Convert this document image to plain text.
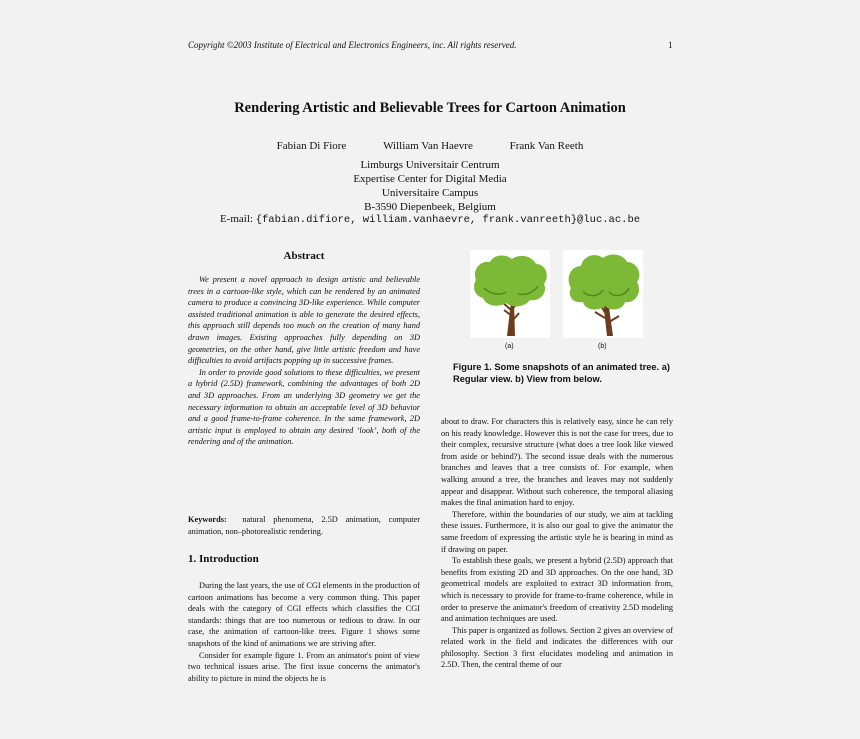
Copyright ©2003 Institute of Electrical and Electronics Engineers, inc. All rights reserved.	1
Rendering Artistic and Believable Trees for Cartoon Animation
Fabian Di Fiore	William Van Haevre	Frank Van Reeth
Limburgs Universitair Centrum
Expertise Center for Digital Media
Universitaire Campus
B-3590 Diepenbeek, Belgium
E-mail: {fabian.difiore, william.vanhaevre, frank.vanreeth}@luc.ac.be
Abstract

We present a novel approach to design artistic and believable trees in a cartoon-like style, which can be rendered by an animated camera to produce a convincing 3D-like experience. While computer assisted traditional animation is able to generate the desired effects, this approach still depends too much on the creation of many hand drawn images. Existing approaches fully depending on 3D geometries, on the other hand, give little artistic freedom and have difficulties to avoid artifacts popping up in successive frames.

In order to provide good solutions to these difficulties, we present a hybrid (2.5D) framework, combining the advantages of both 2D and 3D approaches. From an underlying 3D geometry we get the necessary information to obtain an acceptable level of 3D behavior and a good frame-to-frame coherence. In the same framework, 2D artistic input is employed to obtain any desired ‘look’, both of the rendering and of the animation.

Keywords: natural phenomena, 2.5D animation, computer animation, non–photorealistic rendering.
1. Introduction

During the last years, the use of CGI elements in the production of cartoon animations has become a very common thing. This paper deals with the category of CGI effects which classifies the CGI standards: things that are too numerous or tedious to draw. In our case, the animation of cartoon-like trees. Figure 1 shows some snapshots of the kind of animations we are striving after.

Consider for example figure 1. From an animator's point of view two technical issues arise. The first issue concerns the animator's ability to picture in mind the objects he is

(a)	(b)
Figure 1. Some snapshots of an animated tree. a) Regular view. b) View from below.

about to draw. For characters this is relatively easy, since he can rely on his ready knowledge. However this is not the case for trees, due to their complex, recursive structure (what does a tree look like viewed from aside or behind?). The second issue deals with the numerous branches and leaves that a tree consists of. For example, when walking around a tree, the branches and leaves may not suddenly appear and disappear. Without such coherence, the temporal aliasing makes the final animation hard to enjoy.

Therefore, within the boundaries of our study, we aim at tackling these issues. Furthermore, it is also our goal to give the animator the same freedom of expressing the artistic style he is bearing in mind as if drawing on paper.

To establish these goals, we present a hybrid (2.5D) approach that benefits from existing 2D and 3D approaches. On the one hand, 3D geometrical models are exploited to extract 3D information from, which is necessary to provide for frame-to-frame coherence, while in order to preserve the animator's freedom of creativity 2.5D modeling and animation techniques are used.

This paper is organized as follows. Section 2 gives an overview of related work in the field and indicates the differences with our philosophy. Section 3 first elucidates modeling and animation in 2.5D. Then, the central theme of our
